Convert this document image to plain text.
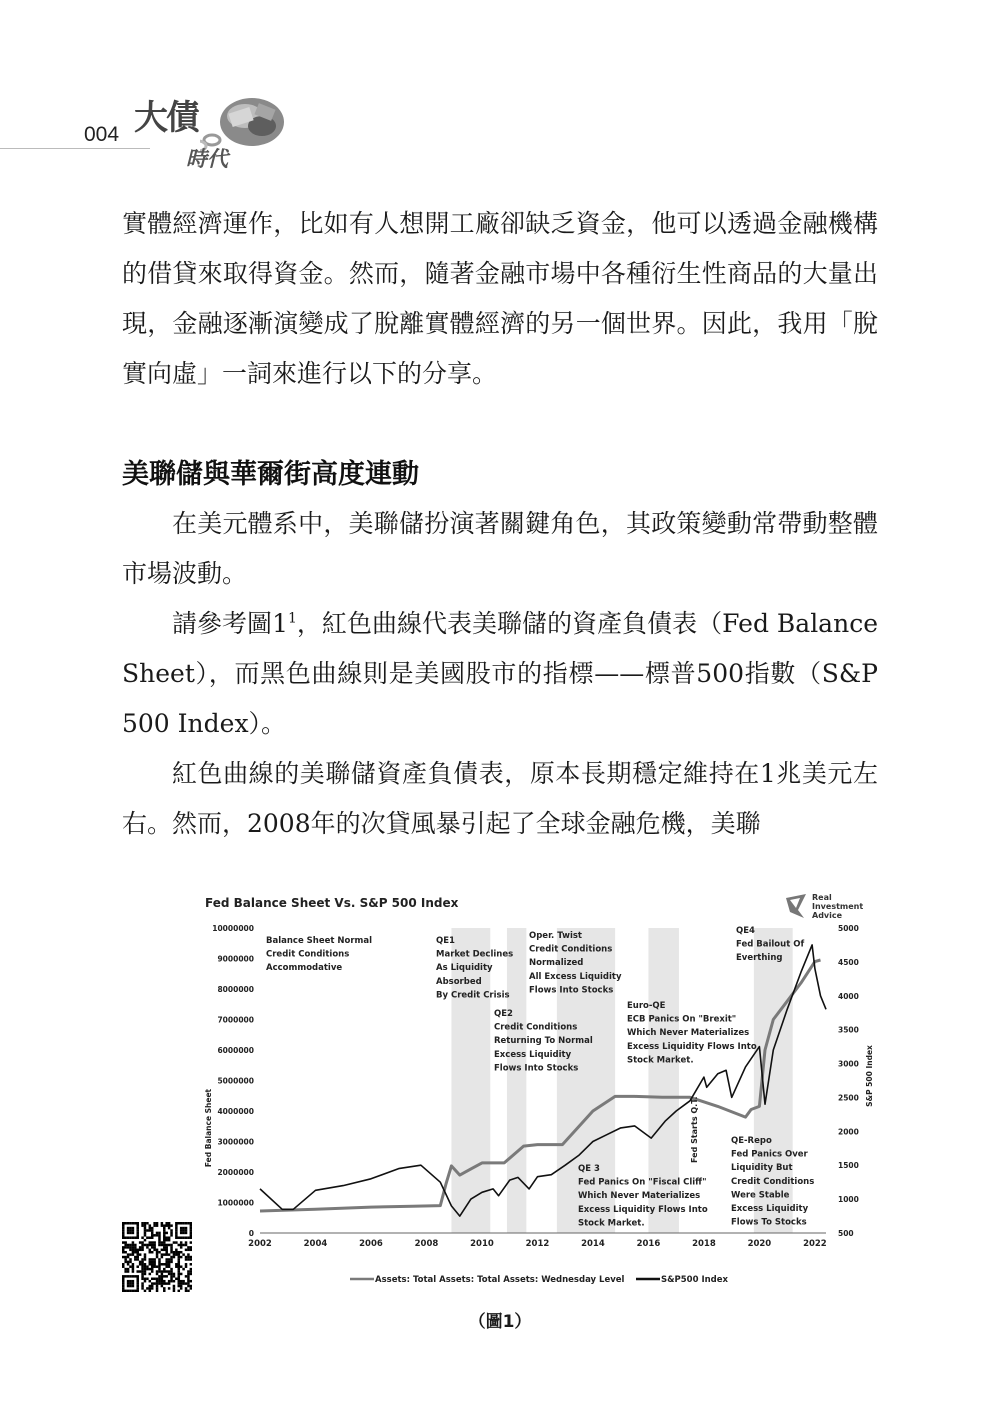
004 大債
時代

實體經濟運作，比如有人想開工廠卻缺乏資金，他可以透過金融機構的借貸來取得資金。然而，隨著金融市場中各種衍生性商品的大量出現，金融逐漸演變成了脫離實體經濟的另一個世界。因此，我用「脫實向虛」一詞來進行以下的分享。

美聯儲與華爾街高度連動

在美元體系中，美聯儲扮演著關鍵角色，其政策變動常帶動整體市場波動。

請參考圖$1^1$，紅色曲線代表美聯儲的資產負債表（Fed Balance Sheet），而黑色曲線則是美國股市的指標——標普500指數（S&P 500 Index）。

紅色曲線的美聯儲資產負債表，原本長期穩定維持在1兆美元左右。然而，2008年的次貸風暴引起了全球金融危機，美聯

2002	2004	2006	2008	2010	2012	2014	2016	2018	2020	2022
0
1000000
2000000
3000000
4000000
5000000
6000000
7000000
8000000
9000000
10000000
500
1000
1500
2000
2500
3000
3500
4000
4500
5000
Balance Sheet Normal
Credit Conditions
Accommodative
QE1
Market Declines
As Liquidity
Absorbed
By Credit Crisis
Oper. Twist
Credit Conditions
Normalized
All Excess Liquidity
Flows Into Stocks
QE2
Credit Conditions
Returning To Normal
Excess Liquidity
Flows Into Stocks
Euro-QE
ECB Panics On "Brexit"
Which Never Materializes
Excess Liquidity Flows Into
Stock Market.
QE4
Fed Bailout Of
Everthing
QE 3
Fed Panics On "Fiscal Cliff"
Which Never Materializes
Excess Liquidity Flows Into
Stock Market.
QE-Repo
Fed Panics Over
Liquidity But
Credit Conditions
Were Stable
Excess Liquidity
Flows To Stocks
Fed Starts Q.T.
Fed Balance Sheet Vs. S&P 500 Index	Real
Investment
Advice
Fed Balance Sheet
S&P 500 Index
Assets: Total Assets: Total Assets: Wednesday Level	S&P500 Index
（圖1）
